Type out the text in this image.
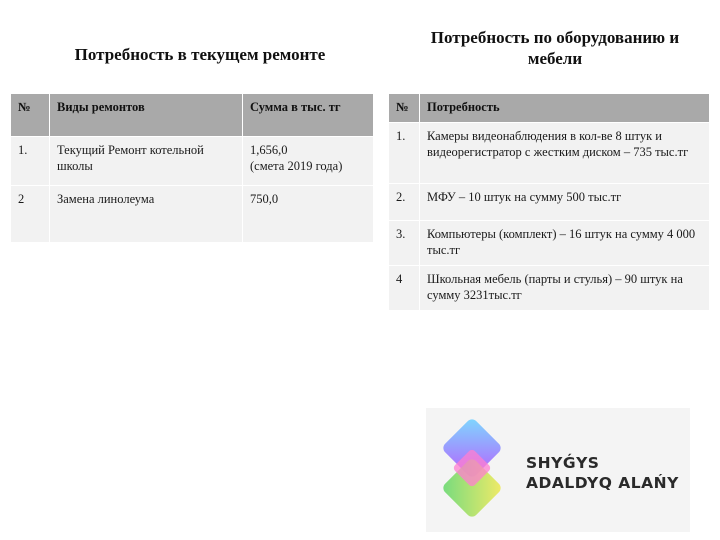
Потребность в текущем ремонте
Потребность по оборудованию и мебели
№	Виды ремонтов	Сумма в тыс. тг
1.	Текущий Ремонт котельной школы	1,656,0
(смета 2019 года)
2	Замена линолеума	750,0
№	Потребность
1.	Камеры видеонаблюдения в кол-ве 8 штук и видеорегистратор с жестким диском – 735 тыс.тг
2.	МФУ – 10 штук на сумму 500 тыс.тг
3.	Компьютеры (комплект) – 16 штук на сумму 4 000 тыс.тг
4	Школьная мебель (парты и стулья) – 90 штук на сумму 3231тыс.тг
SHYǴYS
ADALDYQ ALAŃY
